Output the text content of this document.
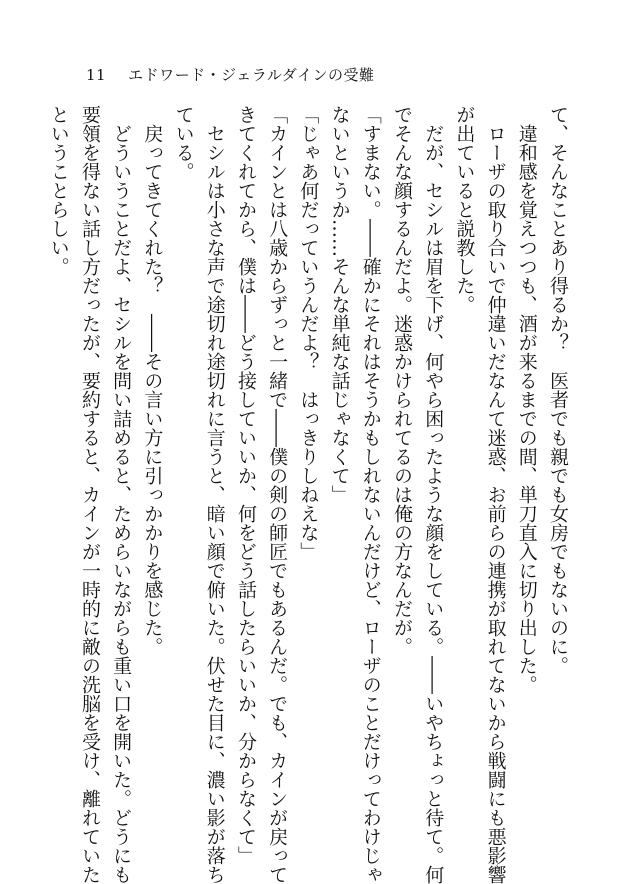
11 エドワード・ジェラルダインの受難
て、そんなことあり得るか？　医者でも親でも女房でもないのに。
　違和感を覚えつつも、酒が来るまでの間、単刀直入に切り出した。
　ローザの取り合いで仲違いだなんて迷惑、お前らの連携が取れてないから戦闘にも悪影響
が出ていると説教した。
　だが、セシルは眉を下げ、何やら困ったような顔をしている。――いやちょっと待て。何
でそんな顔するんだよ。迷惑かけられてるのは俺の方なんだが。
「すまない。――確かにそれはそうかもしれないんだけど、ローザのことだけってわけじゃ
ないというか……そんな単純な話じゃなくて」
「じゃあ何だっていうんだよ？　はっきりしねえな」
「カインとは八歳からずっと一緒で――僕の剣の師匠でもあるんだ。でも、カインが戻って
きてくれてから、僕は――どう接していいか、何をどう話したらいいか、分からなくて」
　セシルは小さな声で途切れ途切れに言うと、暗い顔で俯いた。伏せた目に、濃い影が落ち
ている。
　戻ってきてくれた？　――その言い方に引っかかりを感じた。
　どういうことだよ、セシルを問い詰めると、ためらいながらも重い口を開いた。どうにも
要領を得ない話し方だったが、要約すると、カインが一時的に敵の洗脳を受け、離れていた
ということらしい。
